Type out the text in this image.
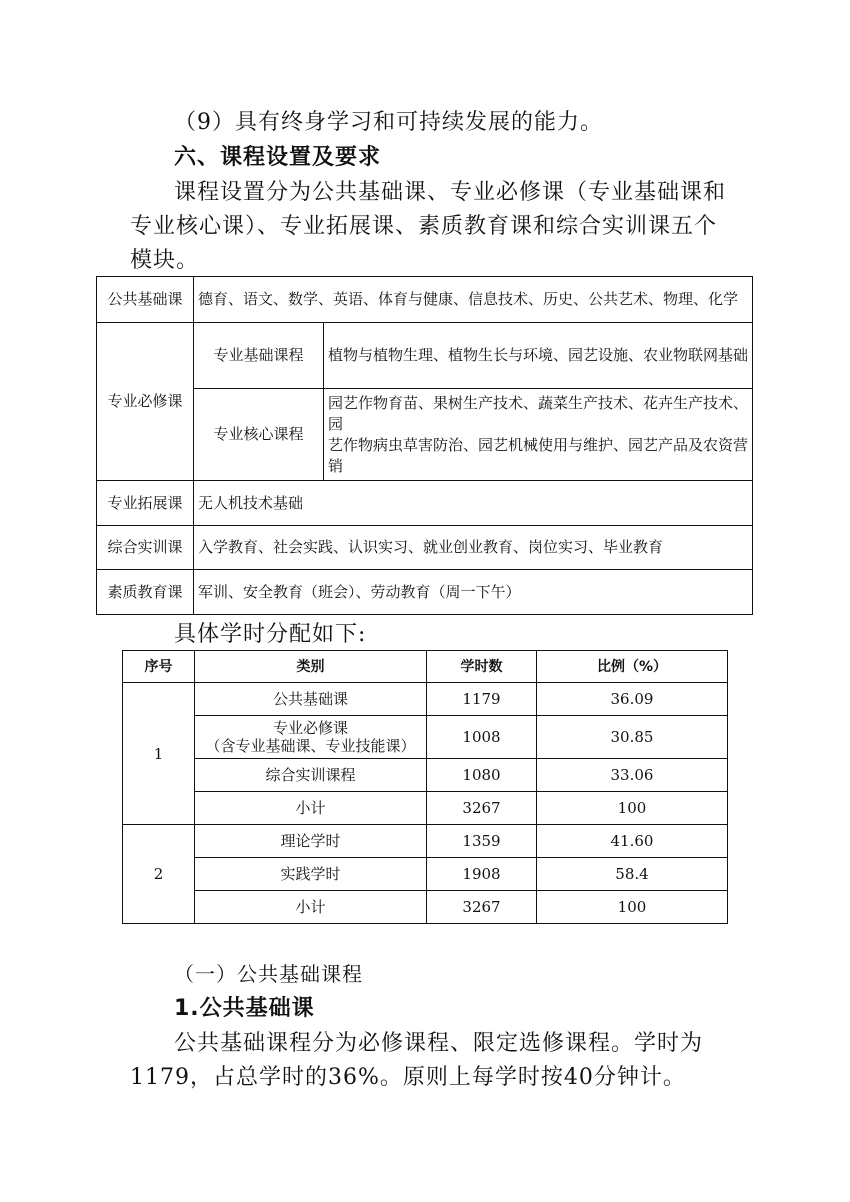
（9）具有终身学习和可持续发展的能力。

六、课程设置及要求

课程设置分为公共基础课、专业必修课（专业基础课和专业核心课）、专业拓展课、素质教育课和综合实训课五个模块。

公共基础课	德育、语文、数学、英语、体育与健康、信息技术、历史、公共艺术、物理、化学	
专业必修课	专业基础课程	植物与植物生理、植物生长与环境、园艺设施、农业物联网基础
	专业核心课程	园艺作物育苗、果树生产技术、蔬菜生产技术、花卉生产技术、园
艺作物病虫草害防治、园艺机械使用与维护、园艺产品及农资营销

专业拓展课	无人机技术基础	
综合实训课	入学教育、社会实践、认识实习、就业创业教育、岗位实习、毕业教育	
素质教育课	军训、安全教育（班会）、劳动教育（周一下午）	

具体学时分配如下:

序号	类别	学时数	比例（%）
1	公共基础课	1179	36.09

	专业必修课
（含专业基础课、专业技能课）	1008	30.85
	综合实训课程	1080	33.06
	小计	3267	100
2	理论学时	1359	41.60
	实践学时	1908	58.4
	小计	3267	100

（一）公共基础课程

1.公共基础课

公共基础课程分为必修课程、限定选修课程。学时为1179，占总学时的36%。原则上每学时按40分钟计。
